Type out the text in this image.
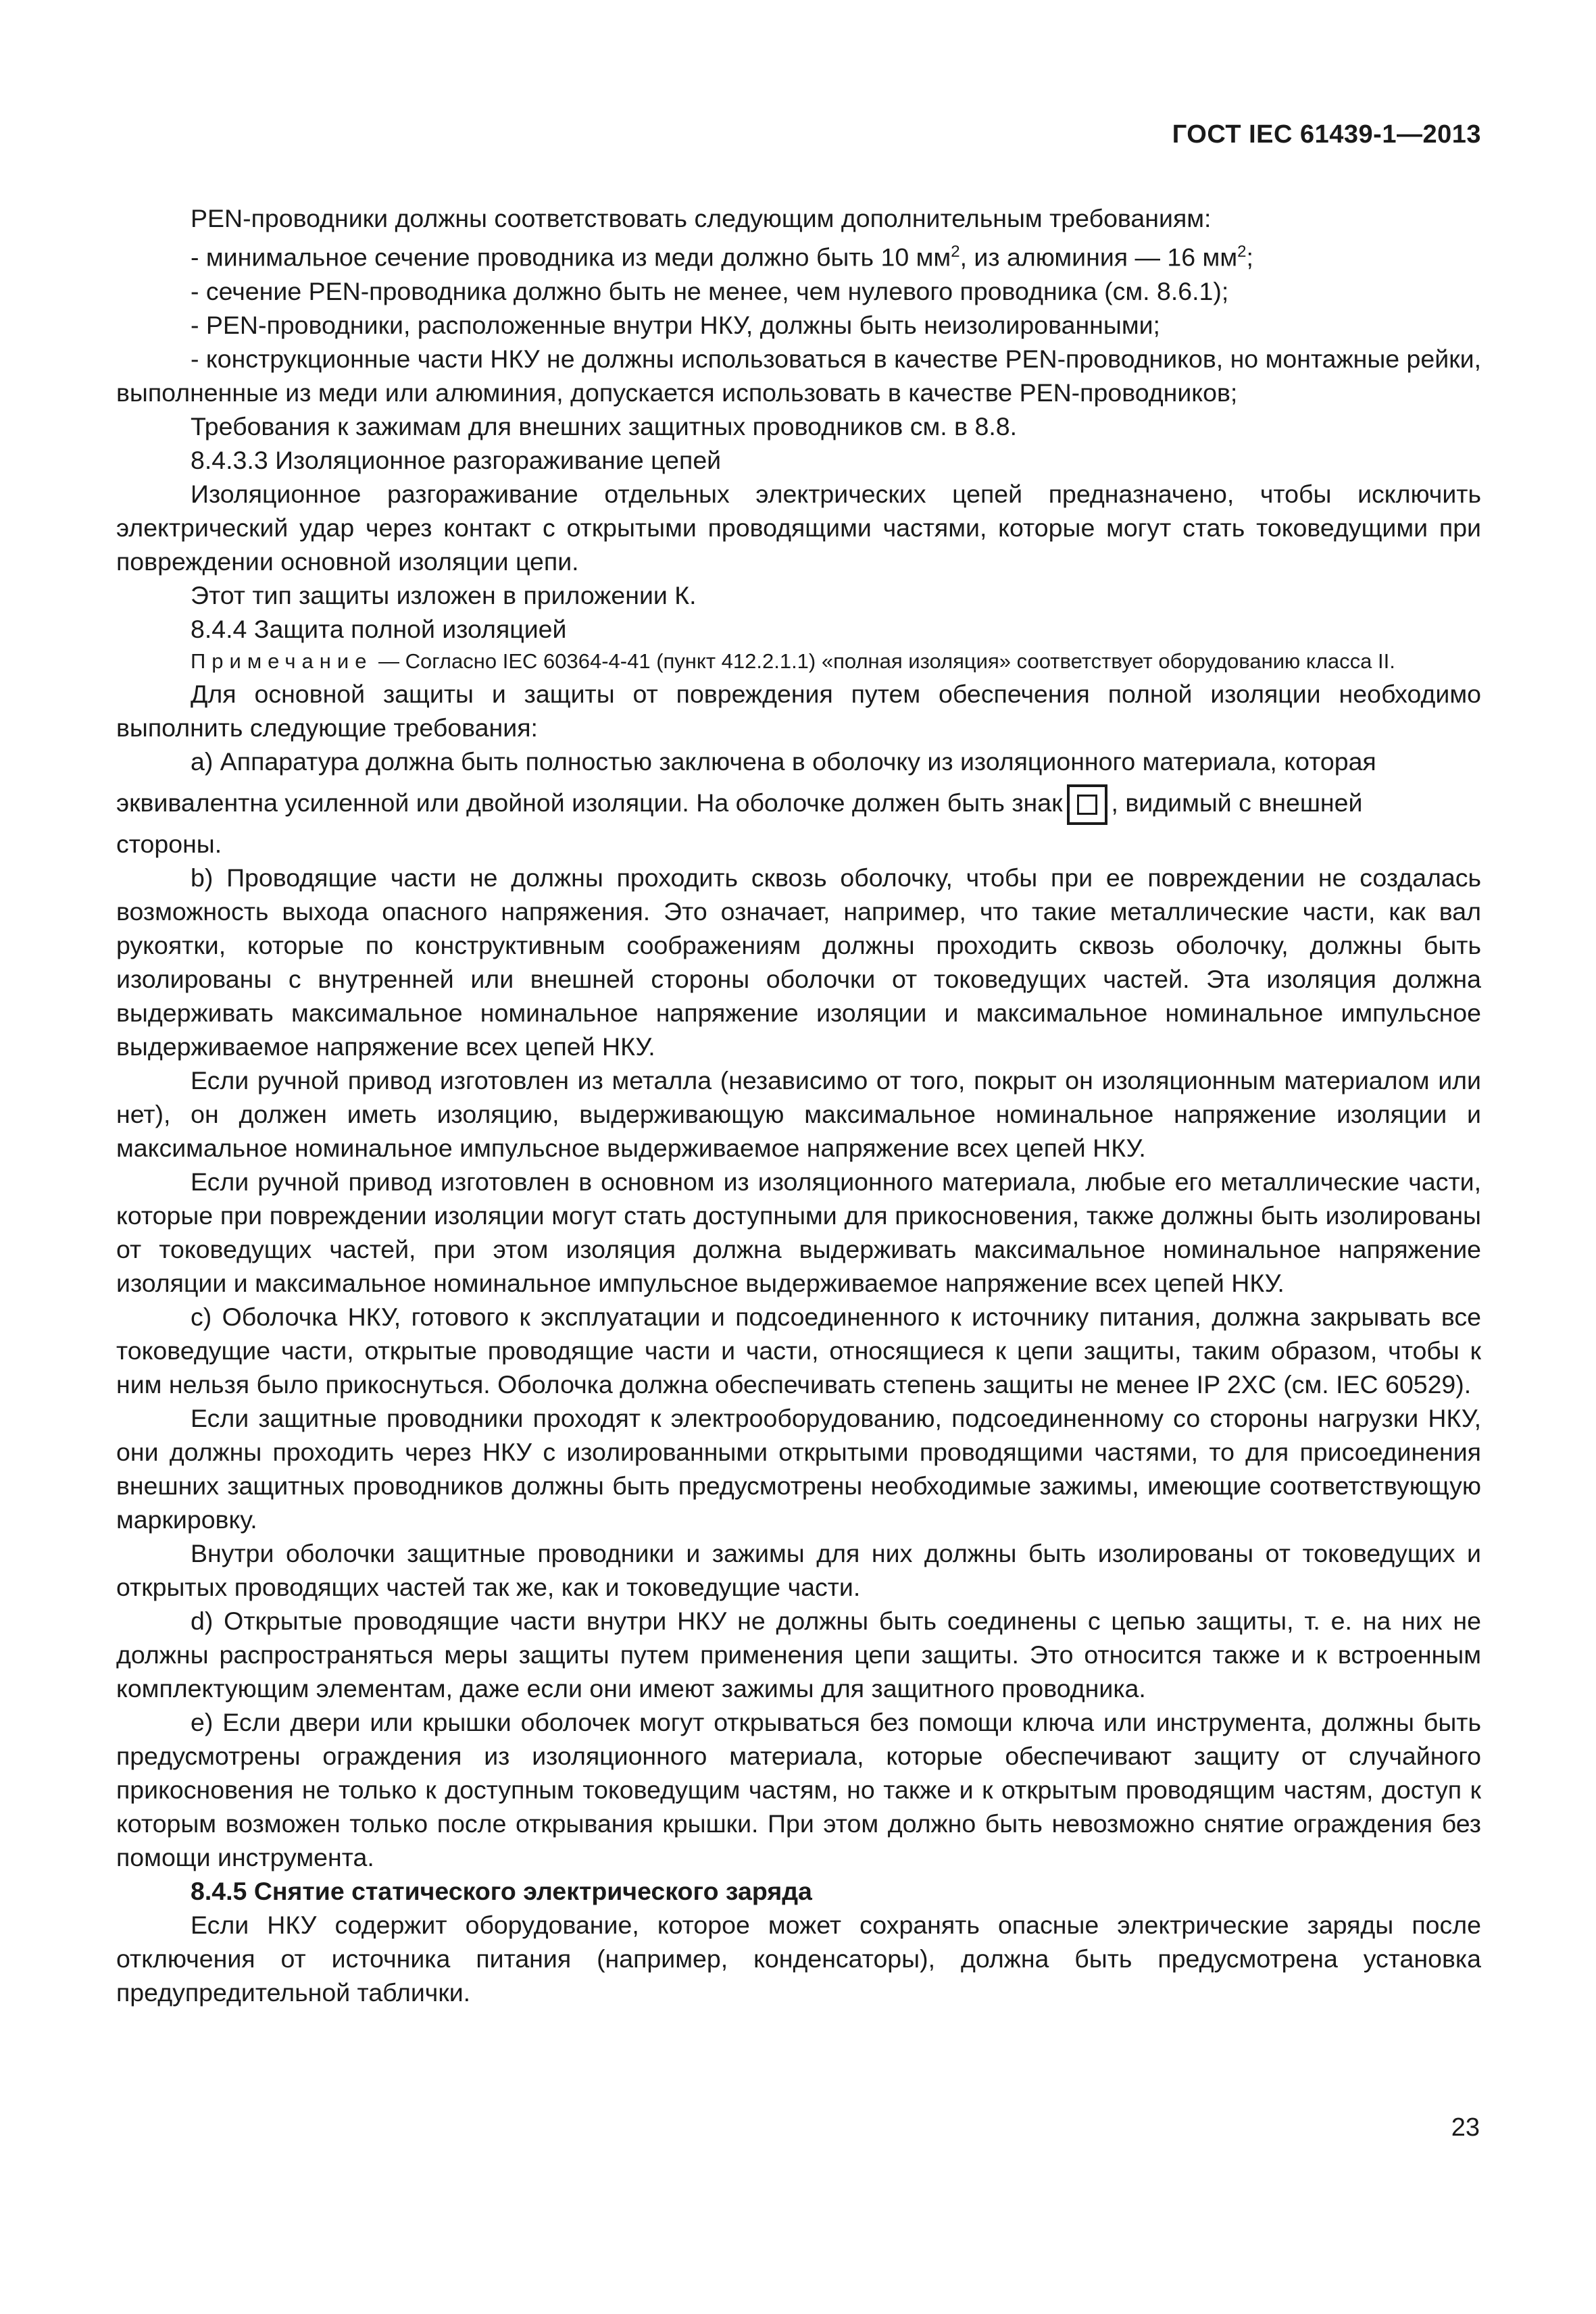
ГОСТ IEC 61439-1—2013

PEN-проводники должны соответствовать следующим дополнительным требованиям:

- минимальное сечение проводника из меди должно быть 10 $мм^2$, из алюминия — 16 $мм^2$;

- сечение PEN-проводника должно быть не менее, чем нулевого проводника (см. 8.6.1);

- PEN-проводники, расположенные внутри НКУ, должны быть неизолированными;

- конструкционные части НКУ не должны использоваться в качестве PEN-проводников, но монтажные рейки, выполненные из меди или алюминия, допускается использовать в качестве PEN-проводников;

Требования к зажимам для внешних защитных проводников см. в 8.8.

8.4.3.3 Изоляционное разгораживание цепей

Изоляционное разгораживание отдельных электрических цепей предназначено, чтобы исключить электрический удар через контакт с открытыми проводящими частями, которые могут стать токоведущими при повреждении основной изоляции цепи.

Этот тип защиты изложен в приложении К.

8.4.4 Защита полной изоляцией

Примечание — Согласно IEC 60364-4-41 (пункт 412.2.1.1) «полная изоляция» соответствует оборудованию класса II.

Для основной защиты и защиты от повреждения путем обеспечения полной изоляции необходимо выполнить следующие требования:

a) Аппаратура должна быть полностью заключена в оболочку из изоляционного материала, которая

эквивалентна усиленной или двойной изоляции. На оболочке должен быть знак , видимый с внешней

стороны.

b) Проводящие части не должны проходить сквозь оболочку, чтобы при ее повреждении не создалась возможность выхода опасного напряжения. Это означает, например, что такие металлические части, как вал рукоятки, которые по конструктивным соображениям должны проходить сквозь оболочку, должны быть изолированы с внутренней или внешней стороны оболочки от токоведущих частей. Эта изоляция должна выдерживать максимальное номинальное напряжение изоляции и максимальное номинальное импульсное выдерживаемое напряжение всех цепей НКУ.

Если ручной привод изготовлен из металла (независимо от того, покрыт он изоляционным материалом или нет), он должен иметь изоляцию, выдерживающую максимальное номинальное напряжение изоляции и максимальное номинальное импульсное выдерживаемое напряжение всех цепей НКУ.

Если ручной привод изготовлен в основном из изоляционного материала, любые его металлические части, которые при повреждении изоляции могут стать доступными для прикосновения, также должны быть изолированы от токоведущих частей, при этом изоляция должна выдерживать максимальное номинальное напряжение изоляции и максимальное номинальное импульсное выдерживаемое напряжение всех цепей НКУ.

c) Оболочка НКУ, готового к эксплуатации и подсоединенного к источнику питания, должна закрывать все токоведущие части, открытые проводящие части и части, относящиеся к цепи защиты, таким образом, чтобы к ним нельзя было прикоснуться. Оболочка должна обеспечивать степень защиты не менее IP 2XC (см. IEC 60529).

Если защитные проводники проходят к электрооборудованию, подсоединенному со стороны нагрузки НКУ, они должны проходить через НКУ с изолированными открытыми проводящими частями, то для присоединения внешних защитных проводников должны быть предусмотрены необходимые зажимы, имеющие соответствующую маркировку.

Внутри оболочки защитные проводники и зажимы для них должны быть изолированы от токоведущих и открытых проводящих частей так же, как и токоведущие части.

d) Открытые проводящие части внутри НКУ не должны быть соединены с цепью защиты, т. е. на них не должны распространяться меры защиты путем применения цепи защиты. Это относится также и к встроенным комплектующим элементам, даже если они имеют зажимы для защитного проводника.

e) Если двери или крышки оболочек могут открываться без помощи ключа или инструмента, должны быть предусмотрены ограждения из изоляционного материала, которые обеспечивают защиту от случайного прикосновения не только к доступным токоведущим частям, но также и к открытым проводящим частям, доступ к которым возможен только после открывания крышки. При этом должно быть невозможно снятие ограждения без помощи инструмента.

8.4.5 Снятие статического электрического заряда

Если НКУ содержит оборудование, которое может сохранять опасные электрические заряды после отключения от источника питания (например, конденсаторы), должна быть предусмотрена установка предупредительной таблички.

23
